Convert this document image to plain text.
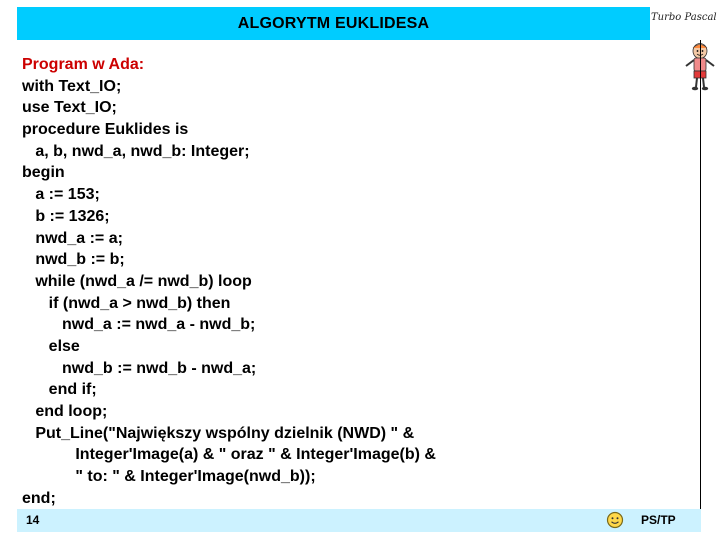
ALGORYTM EUKLIDESA	Turbo Pascal
Program w Ada:
with Text_IO;
use Text_IO;
procedure Euklides is
a, b, nwd_a, nwd_b: Integer;
begin
a := 153;
b := 1326;
nwd_a := a;
nwd_b := b;
while (nwd_a /= nwd_b) loop
if (nwd_a > nwd_b) then
nwd_a := nwd_a - nwd_b;
else
nwd_b := nwd_b - nwd_a;
end if;
end loop;
Put_Line("Największy wspólny dzielnik (NWD) " &
Integer'Image(a) & " oraz " & Integer'Image(b) &
" to: " & Integer'Image(nwd_b));
end;
14	PS/TP
